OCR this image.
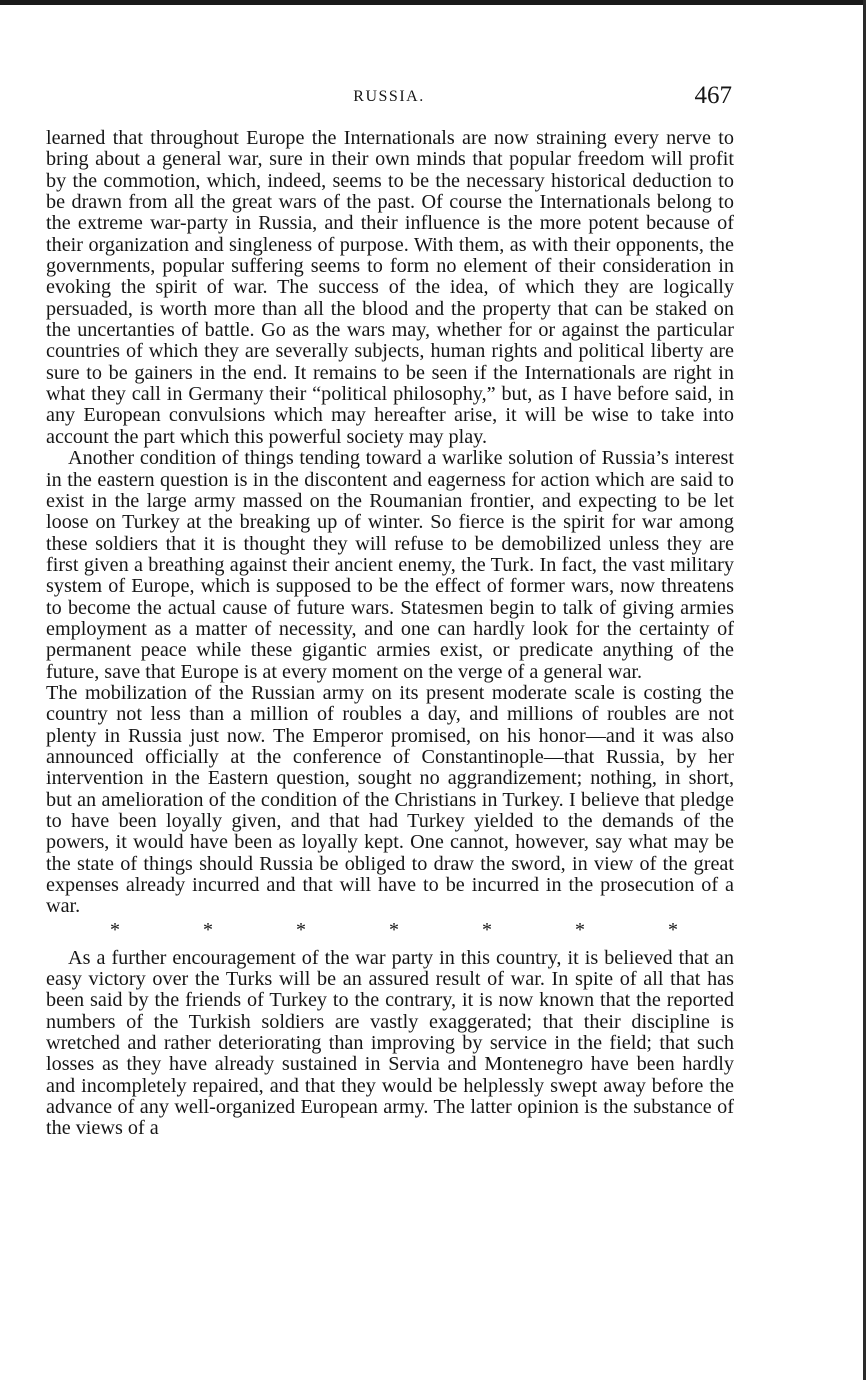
RUSSIA.	467

learned that throughout Europe the Internationals are now straining every nerve to bring about a general war, sure in their own minds that popular freedom will profit by the commotion, which, indeed, seems to be the necessary historical deduction to be drawn from all the great wars of the past. Of course the Internationals belong to the extreme war-party in Russia, and their influence is the more potent because of their organization and singleness of purpose. With them, as with their opponents, the governments, popular suffering seems to form no element of their consideration in evoking the spirit of war. The success of the idea, of which they are logically persuaded, is worth more than all the blood and the property that can be staked on the uncertanties of battle. Go as the wars may, whether for or against the particular countries of which they are severally subjects, human rights and political liberty are sure to be gainers in the end. It remains to be seen if the Internationals are right in what they call in Germany their “political philosophy,” but, as I have before said, in any European convulsions which may hereafter arise, it will be wise to take into account the part which this powerful society may play.

Another condition of things tending toward a warlike solution of Russia’s interest in the eastern question is in the discontent and eagerness for action which are said to exist in the large army massed on the Roumanian frontier, and expecting to be let loose on Turkey at the breaking up of winter. So fierce is the spirit for war among these soldiers that it is thought they will refuse to be demobilized unless they are first given a breathing against their ancient enemy, the Turk. In fact, the vast military system of Europe, which is supposed to be the effect of former wars, now threatens to become the actual cause of future wars. Statesmen begin to talk of giving armies employment as a matter of necessity, and one can hardly look for the certainty of permanent peace while these gigantic armies exist, or predicate anything of the future, save that Europe is at every moment on the verge of a general war.

The mobilization of the Russian army on its present moderate scale is costing the country not less than a million of roubles a day, and millions of roubles are not plenty in Russia just now. The Emperor promised, on his honor—and it was also announced officially at the conference of Constantinople—that Russia, by her intervention in the Eastern question, sought no aggrandizement; nothing, in short, but an amelioration of the condition of the Christians in Turkey. I believe that pledge to have been loyally given, and that had Turkey yielded to the demands of the powers, it would have been as loyally kept. One cannot, however, say what may be the state of things should Russia be obliged to draw the sword, in view of the great expenses already incurred and that will have to be incurred in the prosecution of a war.

*	*	*	*	*	*	*

As a further encouragement of the war party in this country, it is believed that an easy victory over the Turks will be an assured result of war. In spite of all that has been said by the friends of Turkey to the contrary, it is now known that the reported numbers of the Turkish soldiers are vastly exaggerated; that their discipline is wretched and rather deteriorating than improving by service in the field; that such losses as they have already sustained in Servia and Montenegro have been hardly and incompletely repaired, and that they would be helplessly swept away before the advance of any well-organized European army. The latter opinion is the substance of the views of a
